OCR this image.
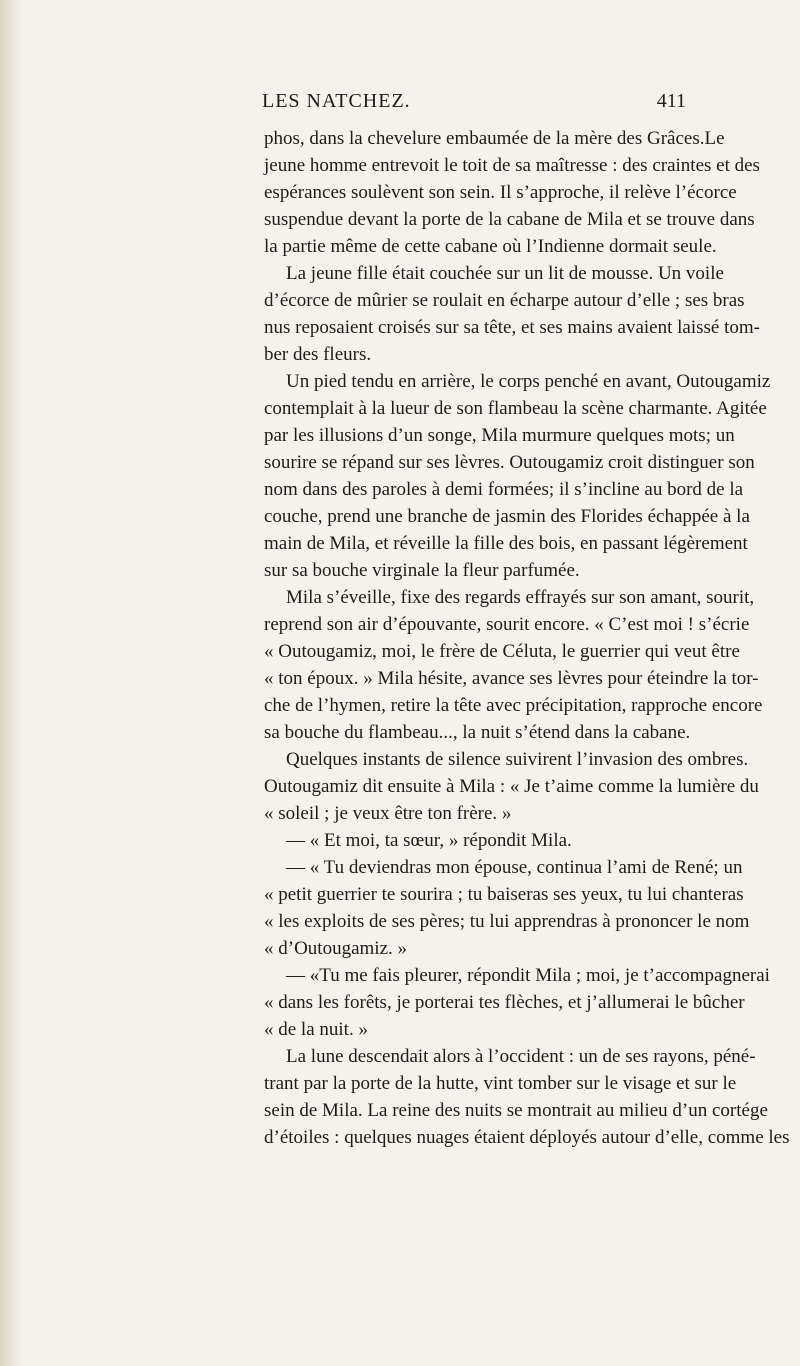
LES NATCHEZ.	411
phos, dans la chevelure embaumée de la mère des Grâces.Le
jeune homme entrevoit le toit de sa maîtresse : des craintes et des
espérances soulèvent son sein. Il s’approche, il relève l’écorce
suspendue devant la porte de la cabane de Mila et se trouve dans
la partie même de cette cabane où l’Indienne dormait seule.
La jeune fille était couchée sur un lit de mousse. Un voile
d’écorce de mûrier se roulait en écharpe autour d’elle ; ses bras
nus reposaient croisés sur sa tête, et ses mains avaient laissé tom-
ber des fleurs.
Un pied tendu en arrière, le corps penché en avant, Outougamiz
contemplait à la lueur de son flambeau la scène charmante. Agitée
par les illusions d’un songe, Mila murmure quelques mots; un
sourire se répand sur ses lèvres. Outougamiz croit distinguer son
nom dans des paroles à demi formées; il s’incline au bord de la
couche, prend une branche de jasmin des Florides échappée à la
main de Mila, et réveille la fille des bois, en passant légèrement
sur sa bouche virginale la fleur parfumée.
Mila s’éveille, fixe des regards effrayés sur son amant, sourit,
reprend son air d’épouvante, sourit encore. « C’est moi ! s’écrie
« Outougamiz, moi, le frère de Céluta, le guerrier qui veut être
« ton époux. » Mila hésite, avance ses lèvres pour éteindre la tor-
che de l’hymen, retire la tête avec précipitation, rapproche encore
sa bouche du flambeau..., la nuit s’étend dans la cabane.
Quelques instants de silence suivirent l’invasion des ombres.
Outougamiz dit ensuite à Mila : « Je t’aime comme la lumière du
« soleil ; je veux être ton frère. »
— « Et moi, ta sœur, » répondit Mila.
— « Tu deviendras mon épouse, continua l’ami de René; un
« petit guerrier te sourira ; tu baiseras ses yeux, tu lui chanteras
« les exploits de ses pères; tu lui apprendras à prononcer le nom
« d’Outougamiz. »
— «Tu me fais pleurer, répondit Mila ; moi, je t’accompagnerai
« dans les forêts, je porterai tes flèches, et j’allumerai le bûcher
« de la nuit. »
La lune descendait alors à l’occident : un de ses rayons, péné-
trant par la porte de la hutte, vint tomber sur le visage et sur le
sein de Mila. La reine des nuits se montrait au milieu d’un cortége
d’étoiles : quelques nuages étaient déployés autour d’elle, comme les
